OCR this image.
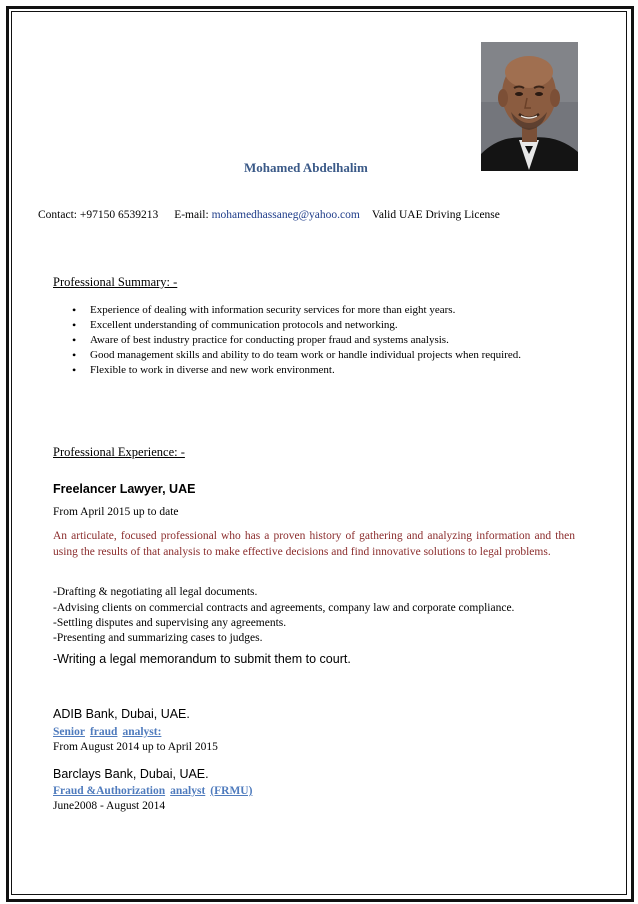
Mohamed Abdelhalim
Contact: +97150 6539213 E-mail: mohamedhassaneg@yahoo.com Valid UAE Driving License
Professional Summary: -
• Experience of dealing with information security services for more than eight years.
• Excellent understanding of communication protocols and networking.
• Aware of best industry practice for conducting proper fraud and systems analysis.
• Good management skills and ability to do team work or handle individual projects when required.
• Flexible to work in diverse and new work environment.
Professional Experience: -
Freelancer Lawyer, UAE
From April 2015 up to date
An articulate, focused professional who has a proven history of gathering and analyzing information and then using the results of that analysis to make effective decisions and find innovative solutions to legal problems.
-Drafting & negotiating all legal documents.
-Advising clients on commercial contracts and agreements, company law and corporate compliance.
-Settling disputes and supervising any agreements.
-Presenting and summarizing cases to judges.
-Writing a legal memorandum to submit them to court.
ADIB Bank, Dubai, UAE.
Senior fraud analyst:
From August 2014 up to April 2015
Barclays Bank, Dubai, UAE.
Fraud &Authorization analyst (FRMU)
June2008 - August 2014
